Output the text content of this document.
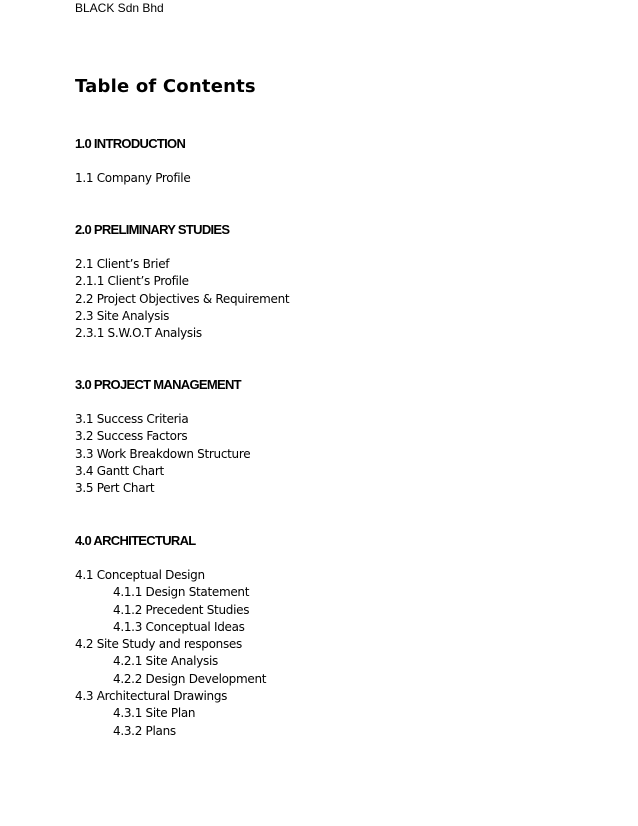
BLACK Sdn Bhd
Table of Contents
1.0 INTRODUCTION
1.1 Company Profile
2.0 PRELIMINARY STUDIES
2.1 Client’s Brief
2.1.1 Client’s Profile
2.2 Project Objectives & Requirement
2.3 Site Analysis
2.3.1 S.W.O.T Analysis
3.0 PROJECT MANAGEMENT
3.1 Success Criteria
3.2 Success Factors
3.3 Work Breakdown Structure
3.4 Gantt Chart
3.5 Pert Chart
4.0 ARCHITECTURAL
4.1 Conceptual Design
4.1.1 Design Statement
4.1.2 Precedent Studies
4.1.3 Conceptual Ideas
4.2 Site Study and responses
4.2.1 Site Analysis
4.2.2 Design Development
4.3 Architectural Drawings
4.3.1 Site Plan
4.3.2 Plans
